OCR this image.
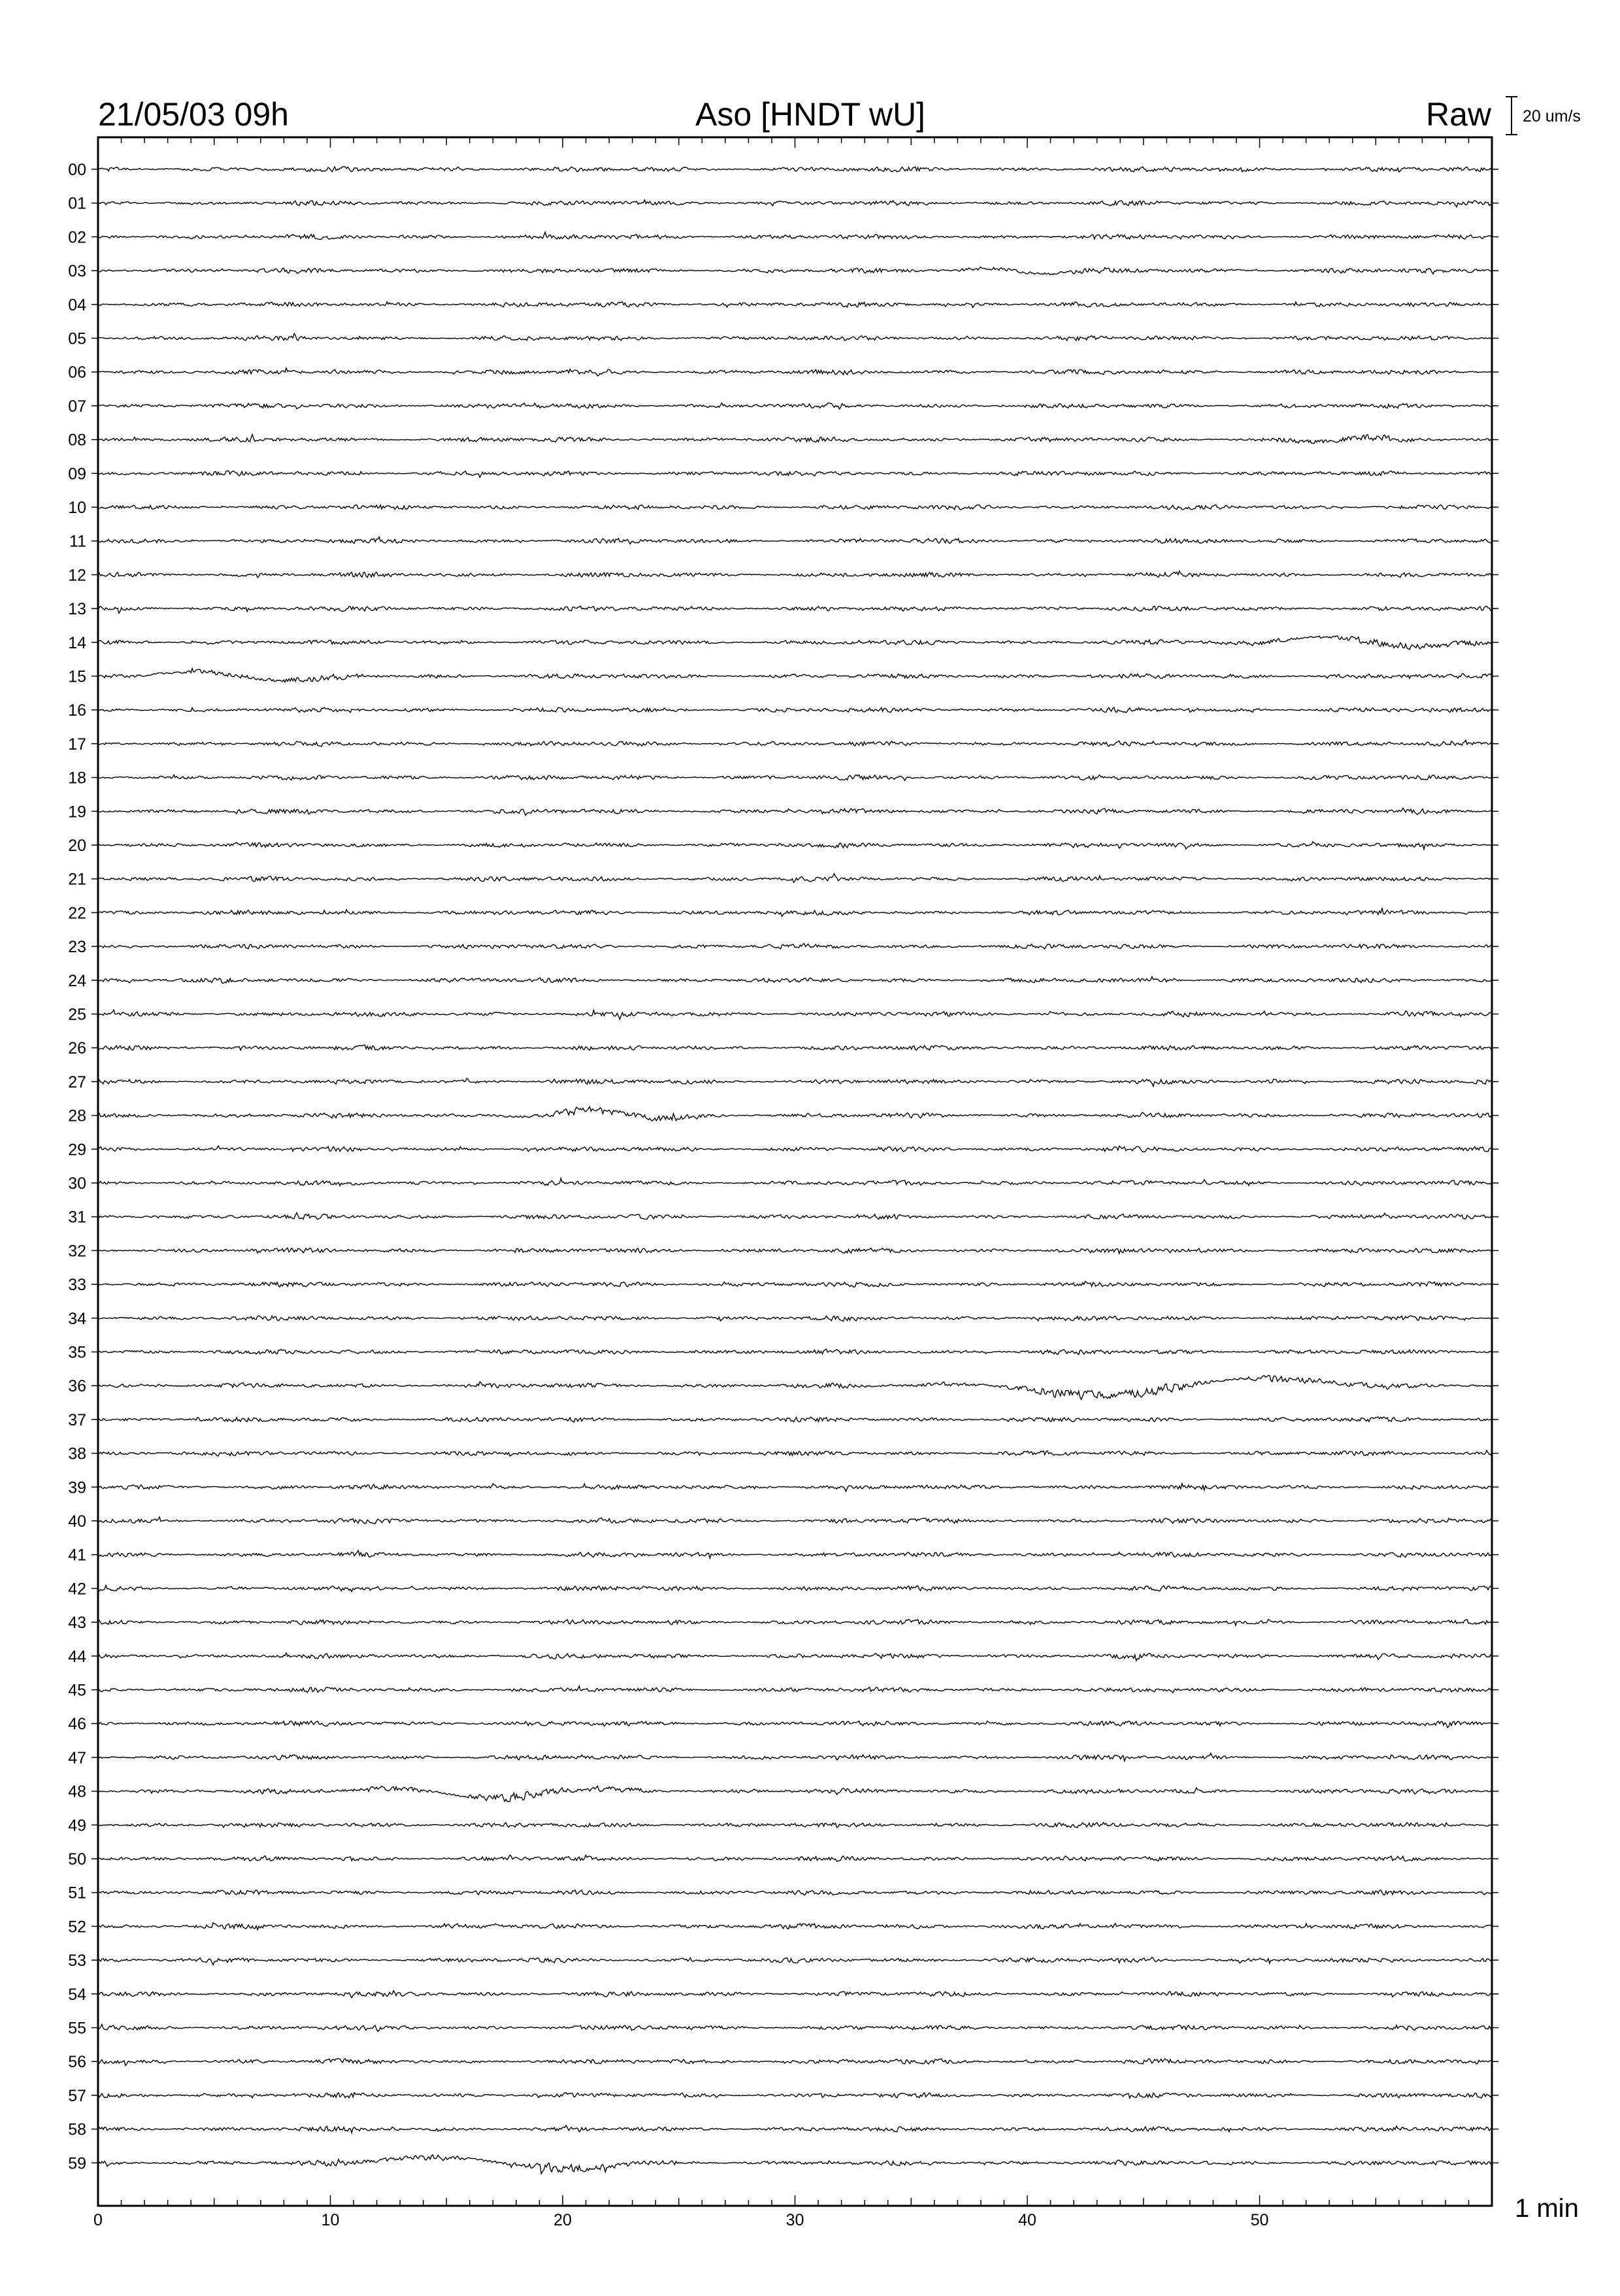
21/05/03 09h	Aso [HNDT wU]	Raw 20 um/s
0	10	20	30	40	50
00
01
02
03
04
05
06
07
08
09
10
11
12
13
14
15
16
17
18
19
20
21
22
23
24
25
26
27
28
29
30
31
32
33
34
35
36
37
38
39
40
41
42
43
44
45
46
47
48
49
50
51
52
53
54
55
56
57
58
59
1 min
